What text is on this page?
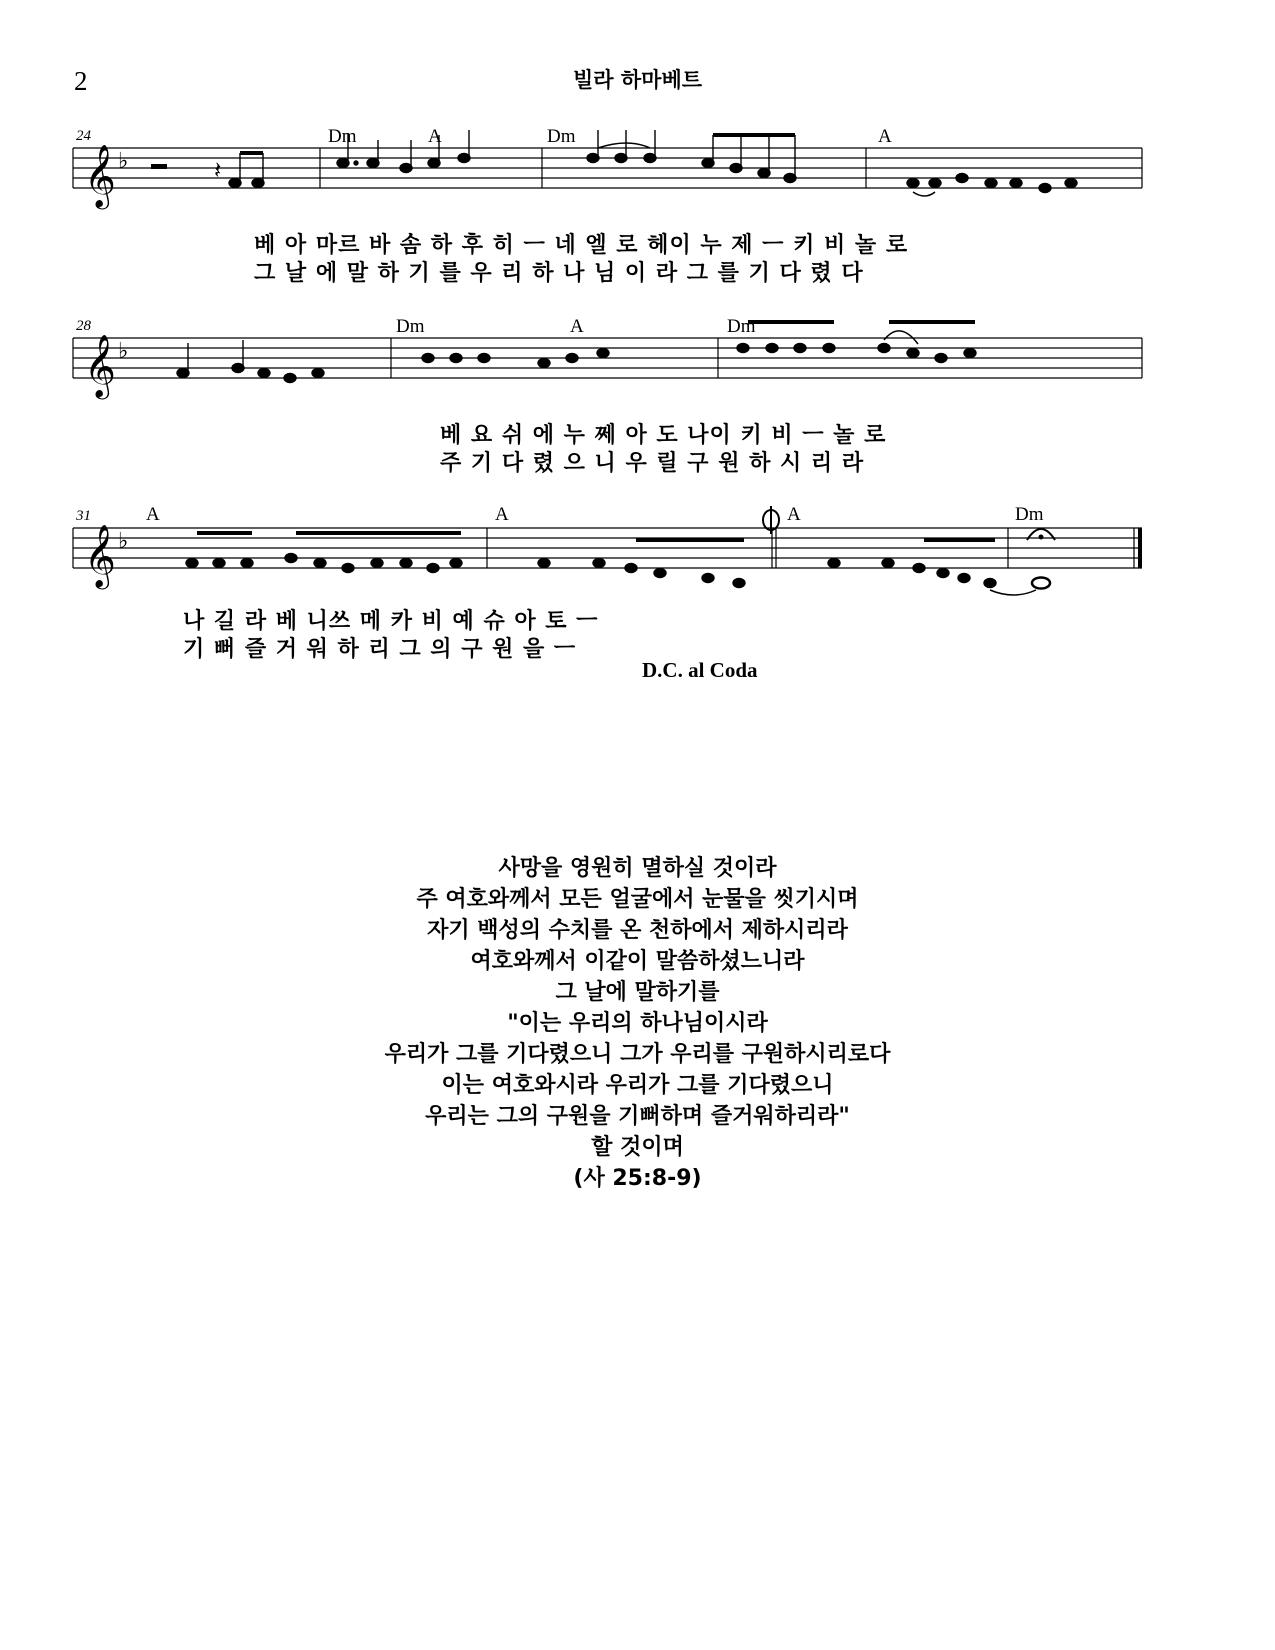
2	빌라 하마베트
24	Dm	A	Dm	A
𝄞 ♭	𝄽
베 아 마르 바 솜 하 후 히 ㅡ 네 엘 로 헤이 누 제 ㅡ 키 비 놀 로
그 날 에 말 하 기 를 우 리 하 나 님 이 라 그 를 기 다 렸 다
28	Dm	A	Dm
𝄞 ♭
베 요 쉬 에 누 쩨 아 도 나이 키 비 ㅡ 놀 로
주 기 다 렸 으 니 우 릴 구 원 하 시 리 라
31	A	A	A	Dm
𝄞 ♭
나 길 라 베 니쓰 메 카 비 예 슈 아 토 ㅡ
기 뻐 즐 거 워 하 리 그 의 구 원 을 ㅡ
D.C. al Coda
사망을 영원히 멸하실 것이라
주 여호와께서 모든 얼굴에서 눈물을 씻기시며
자기 백성의 수치를 온 천하에서 제하시리라
여호와께서 이같이 말씀하셨느니라
그 날에 말하기를
"이는 우리의 하나님이시라
우리가 그를 기다렸으니 그가 우리를 구원하시리로다
이는 여호와시라 우리가 그를 기다렸으니
우리는 그의 구원을 기뻐하며 즐거워하리라"
할 것이며
(사 25:8-9)
